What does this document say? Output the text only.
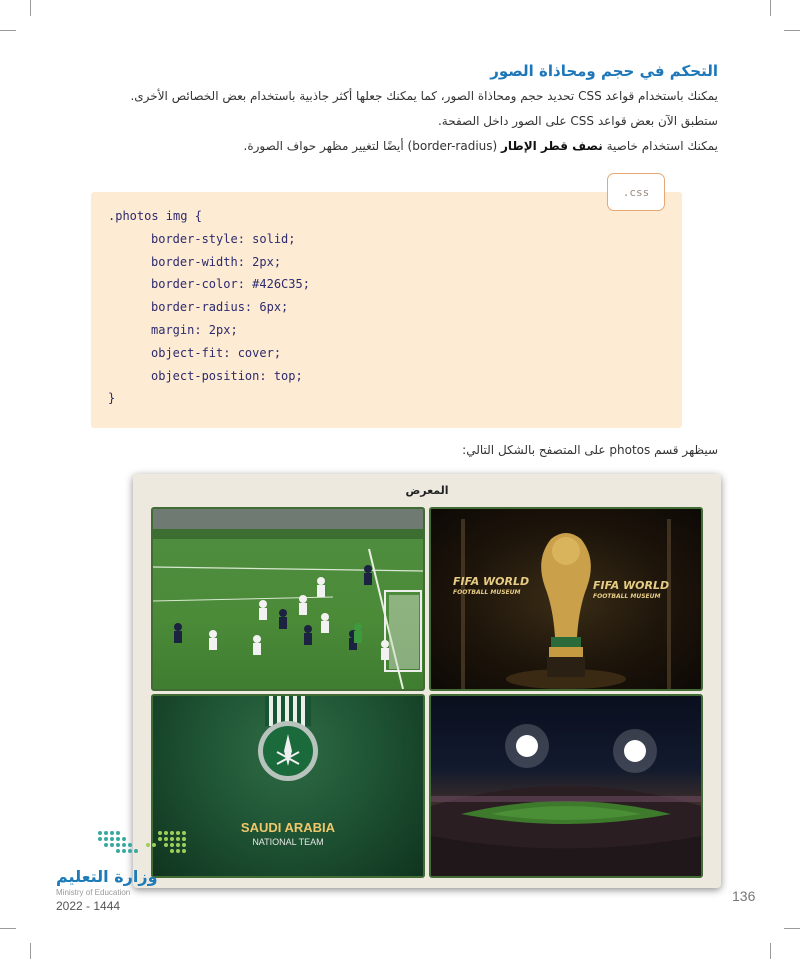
التحكم في حجم ومحاذاة الصور
يمكنك باستخدام قواعد CSS تحديد حجم ومحاذاة الصور، كما يمكنك جعلها أكثر جاذبية باستخدام بعض الخصائص الأخرى.
ستطبق الآن بعض قواعد CSS على الصور داخل الصفحة.
يمكنك استخدام خاصية نصف قطر الإطار (border-radius) أيضًا لتغيير مظهر حواف الصورة.
.css
.photos img {
border-style: solid;
border-width: 2px;
border-color: #426C35;
border-radius: 6px;
margin: 2px;
object-fit: cover;
object-position: top;
}
سيظهر قسم photos على المتصفح بالشكل التالي:
المعرض
FIFA WORLD	FIFA WORLD
FOOTBALL MUSEUM
FOOTBALL MUSEUM
SAUDI ARABIA
NATIONAL TEAM
وزارة التعليم
Ministry of Education
2022 - 1444
136
